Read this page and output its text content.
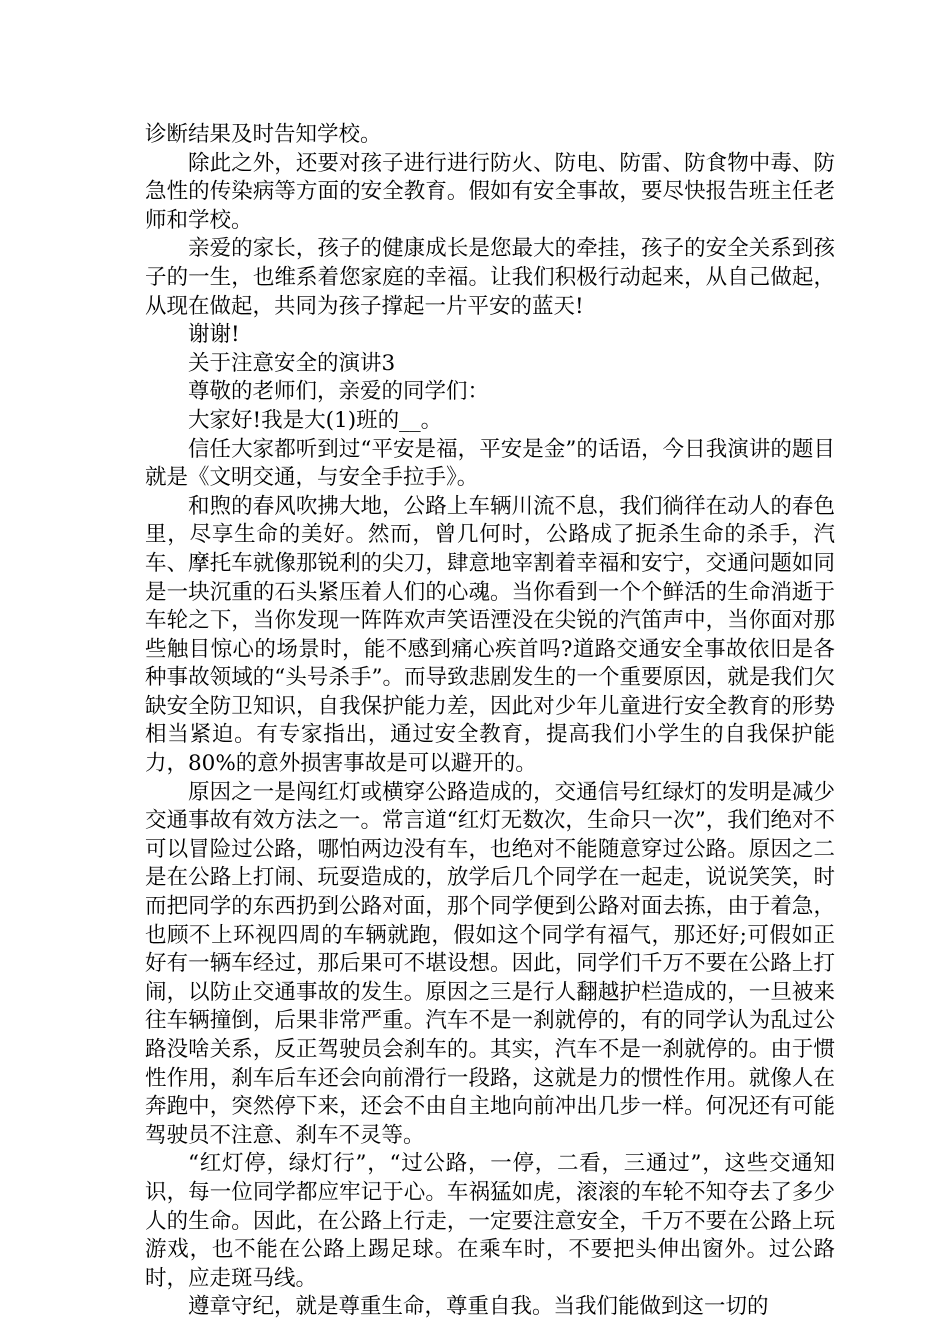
诊断结果及时告知学校。

除此之外，还要对孩子进行进行防火、防电、防雷、防食物中毒、防急性的传染病等方面的安全教育。假如有安全事故，要尽快报告班主任老师和学校。

亲爱的家长，孩子的健康成长是您最大的牵挂，孩子的安全关系到孩子的一生，也维系着您家庭的幸福。让我们积极行动起来，从自己做起，从现在做起，共同为孩子撑起一片平安的蓝天!

谢谢!

关于注意安全的演讲3

尊敬的老师们，亲爱的同学们：

大家好!我是大(1)班的__。

信任大家都听到过“平安是福，平安是金”的话语，今日我演讲的题目就是《文明交通，与安全手拉手》。

和煦的春风吹拂大地，公路上车辆川流不息，我们徜徉在动人的春色里，尽享生命的美好。然而，曾几何时，公路成了扼杀生命的杀手，汽车、摩托车就像那锐利的尖刀，肆意地宰割着幸福和安宁，交通问题如同是一块沉重的石头紧压着人们的心魂。当你看到一个个鲜活的生命消逝于车轮之下，当你发现一阵阵欢声笑语湮没在尖锐的汽笛声中，当你面对那些触目惊心的场景时，能不感到痛心疾首吗?道路交通安全事故依旧是各种事故领域的“头号杀手”。而导致悲剧发生的一个重要原因，就是我们欠缺安全防卫知识，自我保护能力差，因此对少年儿童进行安全教育的形势相当紧迫。有专家指出，通过安全教育，提高我们小学生的自我保护能力，80%的意外损害事故是可以避开的。

原因之一是闯红灯或横穿公路造成的，交通信号红绿灯的发明是减少交通事故有效方法之一。常言道“红灯无数次，生命只一次”，我们绝对不可以冒险过公路，哪怕两边没有车，也绝对不能随意穿过公路。原因之二是在公路上打闹、玩耍造成的，放学后几个同学在一起走，说说笑笑，时而把同学的东西扔到公路对面，那个同学便到公路对面去拣，由于着急，也顾不上环视四周的车辆就跑，假如这个同学有福气，那还好;可假如正好有一辆车经过，那后果可不堪设想。因此，同学们千万不要在公路上打闹，以防止交通事故的发生。原因之三是行人翻越护栏造成的，一旦被来往车辆撞倒，后果非常严重。汽车不是一刹就停的，有的同学认为乱过公路没啥关系，反正驾驶员会刹车的。其实，汽车不是一刹就停的。由于惯性作用，刹车后车还会向前滑行一段路，这就是力的惯性作用。就像人在奔跑中，突然停下来，还会不由自主地向前冲出几步一样。何况还有可能驾驶员不注意、刹车不灵等。

“红灯停，绿灯行”，“过公路，一停，二看，三通过”，这些交通知识，每一位同学都应牢记于心。车祸猛如虎，滚滚的车轮不知夺去了多少人的生命。因此，在公路上行走，一定要注意安全，千万不要在公路上玩游戏，也不能在公路上踢足球。在乘车时，不要把头伸出窗外。过公路时，应走斑马线。

遵章守纪，就是尊重生命，尊重自我。当我们能做到这一切的
